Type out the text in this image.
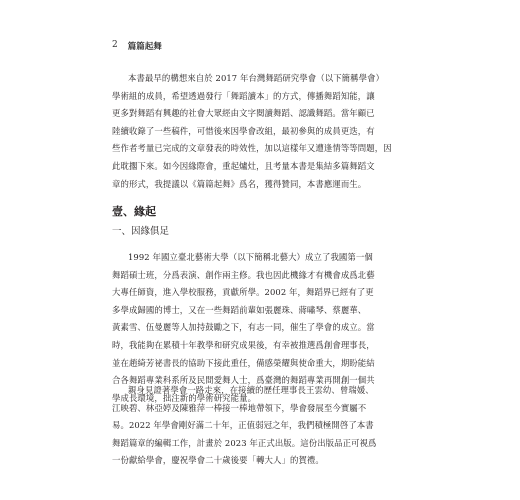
2 篇篇起舞
本書最早的構想來自於 2017 年台灣舞蹈研究學會（以下簡稱學會）
學術組的成員，希望透過發行「舞蹈讀本」的方式，傳播舞蹈知能，讓
更多對舞蹈有興趣的社會大眾經由文字閱讀舞蹈、認識舞蹈。當年顧已
陸續收錄了一些稿件，可惜後來因學會改組，最初參與的成員更迭，有
些作者考量已完成的文章發表的時效性，加以這樣年又遭逢情等等問題，因
此耽擱下來。如今因緣際會，重起爐灶，且考量本書是集結多篇舞蹈文
章的形式，我提議以《篇篇起舞》爲名，獲得贊同，本書應運而生。
壹、緣起
一、因緣俱足
1992 年國立臺北藝術大學（以下簡稱北藝大）成立了我國第一個
舞蹈碩士班，分爲表演、創作兩主修。我也因此機緣才有機會成爲北藝
大專任師資，進入學校服務，貢獻所學。2002 年，舞蹈界已經有了更
多學成歸國的博士，又在一些舞蹈前輩如張麗珠、蔣嘯琴、蔡麗華、
黃素雪、伍曼麗等人加持鼓勵之下，有志一同，催生了學會的成立。當
時，我能夠在累積十年教學和研究成果後，有幸被推選爲創會理事長，
並在趙綺芳祕書長的協助下接此重任，備感榮耀與使命重大，期盼能結
合各舞蹈專業科系所及民間愛舞人士，爲臺灣的舞蹈專業再開創一個共
學成長環境，拙注新的學術研究能量。
親身見證著學會一路走來，在接續的歷任理事長王雲幼、曾瑞媛、
江映碧、林亞婷及陳雅萍一棒接一棒地帶領下，學會發展至今實屬不
易。2022 年學會剛好滿二十年，正值弱冠之年，我們積極開啓了本書
舞蹈篇章的編輯工作，計畫於 2023 年正式出版。這份出版品正可視爲
一份獻給學會，慶祝學會二十歲後要「轉大人」的賀禮。
